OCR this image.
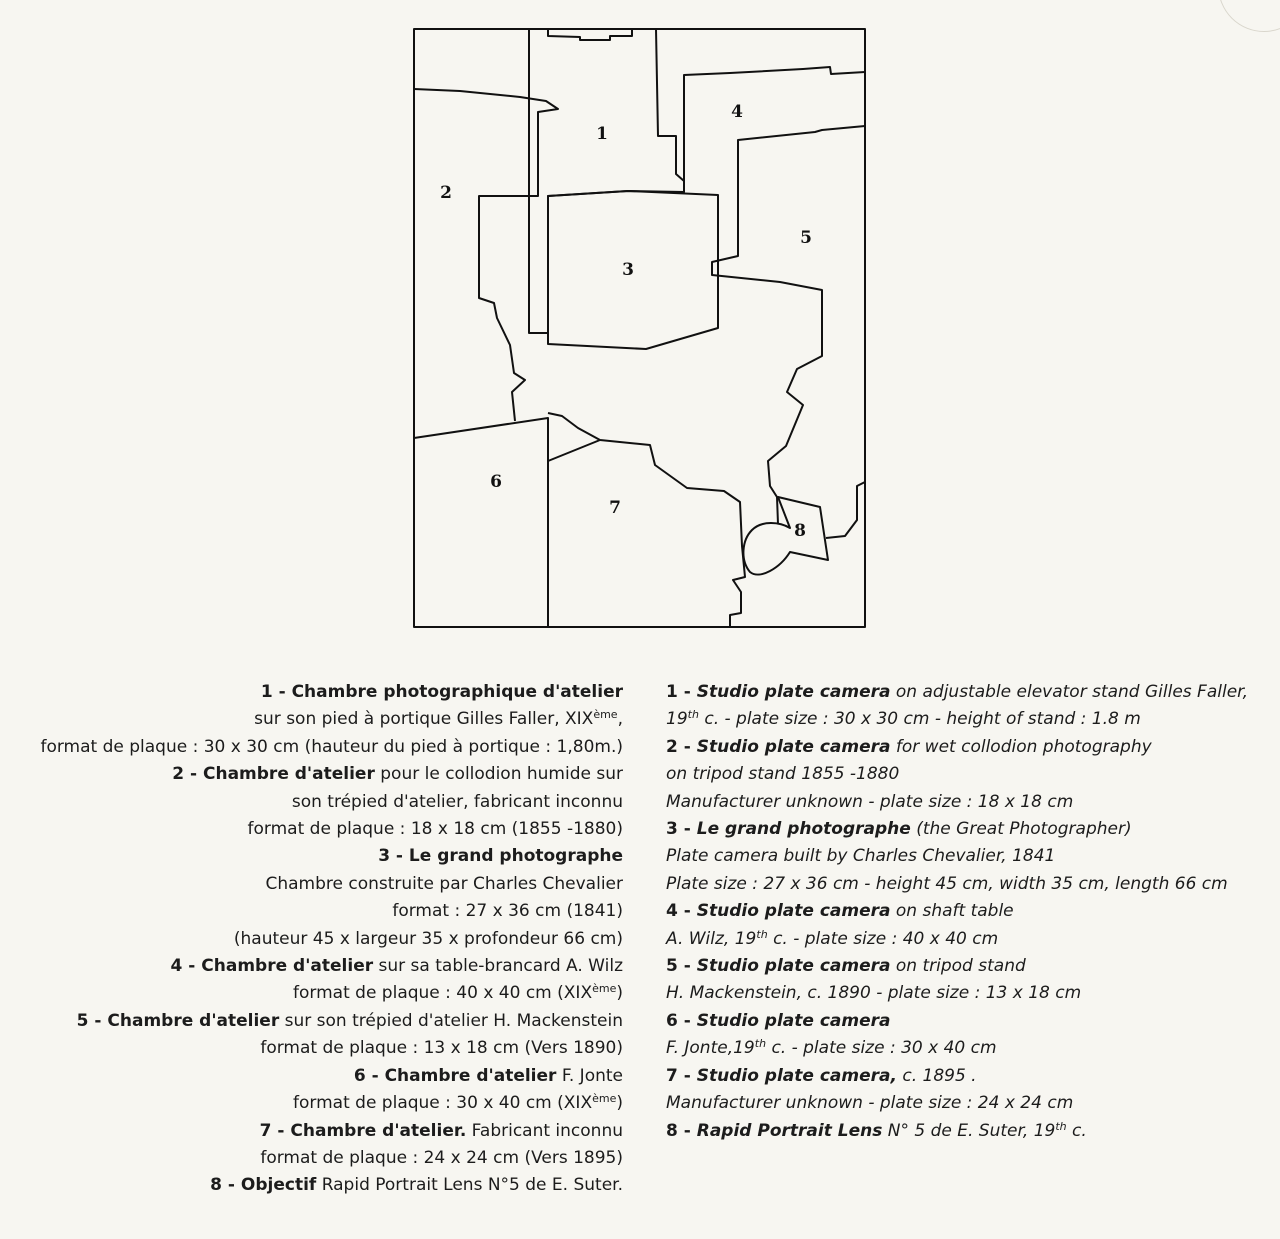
1
2
3
4
5
6
7
8
1 - Chambre photographique d'atelier
sur son pied à portique Gilles Faller, XIXème,
format de plaque : 30 x 30 cm (hauteur du pied à portique : 1,80m.)
2 - Chambre d'atelier pour le collodion humide sur
son trépied d'atelier, fabricant inconnu
format de plaque : 18 x 18 cm (1855 -1880)
3 - Le grand photographe
Chambre construite par Charles Chevalier
format : 27 x 36 cm (1841)
(hauteur 45 x largeur 35 x profondeur 66 cm)
4 - Chambre d'atelier sur sa table-brancard A. Wilz
format de plaque : 40 x 40 cm (XIXème)
5 - Chambre d'atelier sur son trépied d'atelier H. Mackenstein
format de plaque : 13 x 18 cm (Vers 1890)
6 - Chambre d'atelier F. Jonte
format de plaque : 30 x 40 cm (XIXème)
7 - Chambre d'atelier. Fabricant inconnu
format de plaque : 24 x 24 cm (Vers 1895)
8 - Objectif Rapid Portrait Lens N°5 de E. Suter.
1 - Studio plate camera on adjustable elevator stand Gilles Faller,
19th c. - plate size : 30 x 30 cm - height of stand : 1.8 m
2 - Studio plate camera for wet collodion photography
on tripod stand 1855 -1880
Manufacturer unknown - plate size : 18 x 18 cm
3 - Le grand photographe (the Great Photographer)
Plate camera built by Charles Chevalier, 1841
Plate size : 27 x 36 cm - height 45 cm, width 35 cm, length 66 cm
4 - Studio plate camera on shaft table
A. Wilz, 19th c. - plate size : 40 x 40 cm
5 - Studio plate camera on tripod stand
H. Mackenstein, c. 1890 - plate size : 13 x 18 cm
6 - Studio plate camera
F. Jonte,19th c. - plate size : 30 x 40 cm
7 - Studio plate camera, c. 1895 .
Manufacturer unknown - plate size : 24 x 24 cm
8 - Rapid Portrait Lens N° 5 de E. Suter, 19th c.
